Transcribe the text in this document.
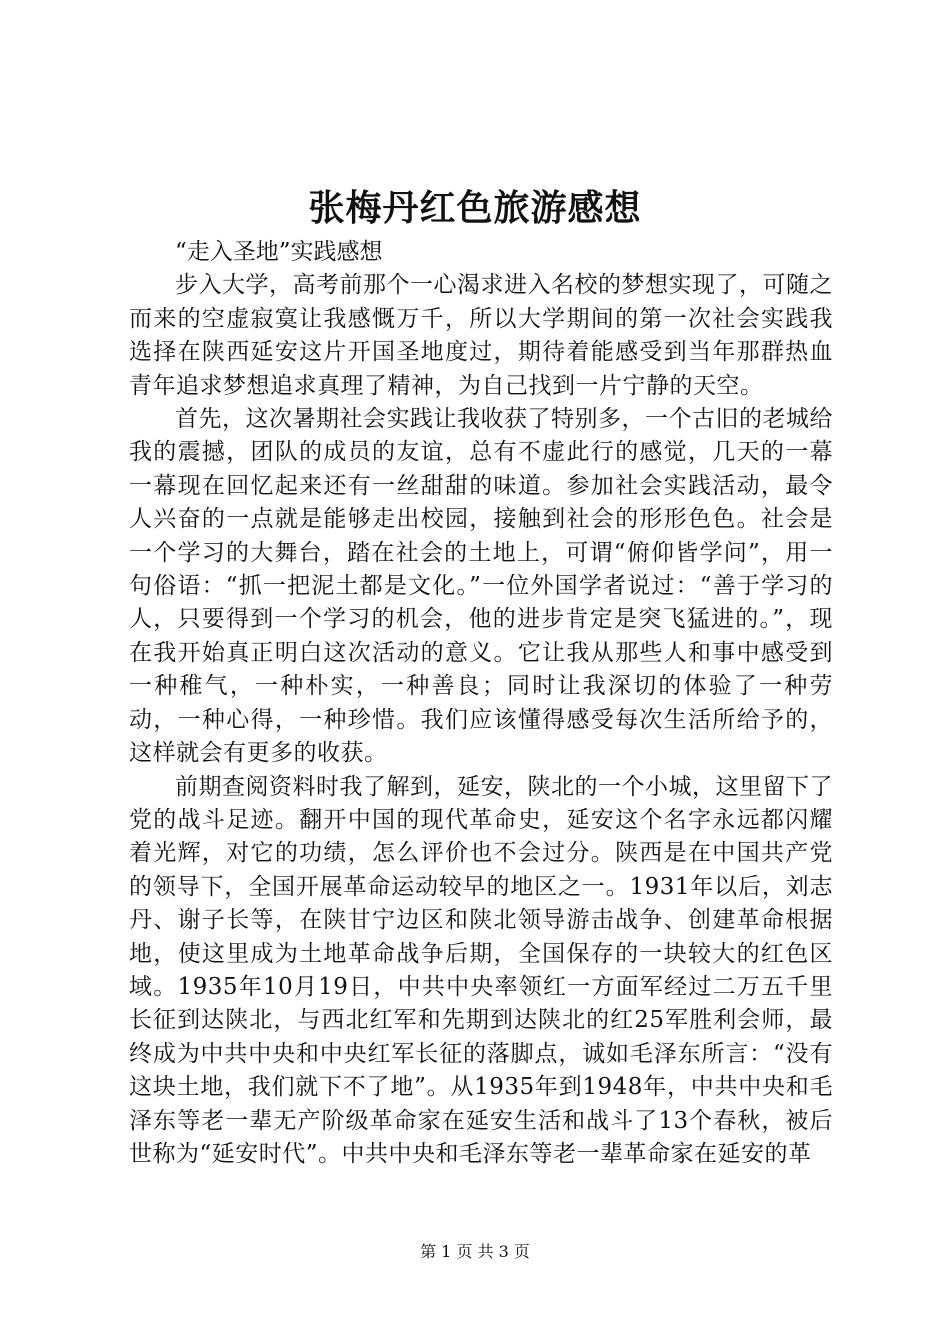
张梅丹红色旅游感想

“走入圣地”实践感想

步入大学，高考前那个一心渴求进入名校的梦想实现了，可随之而来的空虚寂寞让我感慨万千，所以大学期间的第一次社会实践我选择在陕西延安这片开国圣地度过，期待着能感受到当年那群热血青年追求梦想追求真理了精神，为自己找到一片宁静的天空。

首先，这次暑期社会实践让我收获了特别多，一个古旧的老城给我的震撼，团队的成员的友谊，总有不虚此行的感觉，几天的一幕一幕现在回忆起来还有一丝甜甜的味道。参加社会实践活动，最令人兴奋的一点就是能够走出校园，接触到社会的形形色色。社会是一个学习的大舞台，踏在社会的土地上，可谓“俯仰皆学问”，用一句俗语：“抓一把泥土都是文化。”一位外国学者说过：“善于学习的人，只要得到一个学习的机会，他的进步肯定是突飞猛进的。”，现在我开始真正明白这次活动的意义。它让我从那些人和事中感受到一种稚气，一种朴实，一种善良；同时让我深切的体验了一种劳动，一种心得，一种珍惜。我们应该懂得感受每次生活所给予的，这样就会有更多的收获。

前期查阅资料时我了解到，延安，陕北的一个小城，这里留下了党的战斗足迹。翻开中国的现代革命史，延安这个名字永远都闪耀着光辉，对它的功绩，怎么评价也不会过分。陕西是在中国共产党的领导下，全国开展革命运动较早的地区之一。1931年以后，刘志丹、谢子长等，在陕甘宁边区和陕北领导游击战争、创建革命根据地，使这里成为土地革命战争后期，全国保存的一块较大的红色区域。1935年10月19日，中共中央率领红一方面军经过二万五千里长征到达陕北，与西北红军和先期到达陕北的红25军胜利会师，最终成为中共中央和中央红军长征的落脚点，诚如毛泽东所言：“没有这块土地，我们就下不了地”。从1935年到1948年，中共中央和毛泽东等老一辈无产阶级革命家在延安生活和战斗了13个春秋，被后世称为“延安时代”。中共中央和毛泽东等老一辈革命家在延安的革

第 1 页 共 3 页
